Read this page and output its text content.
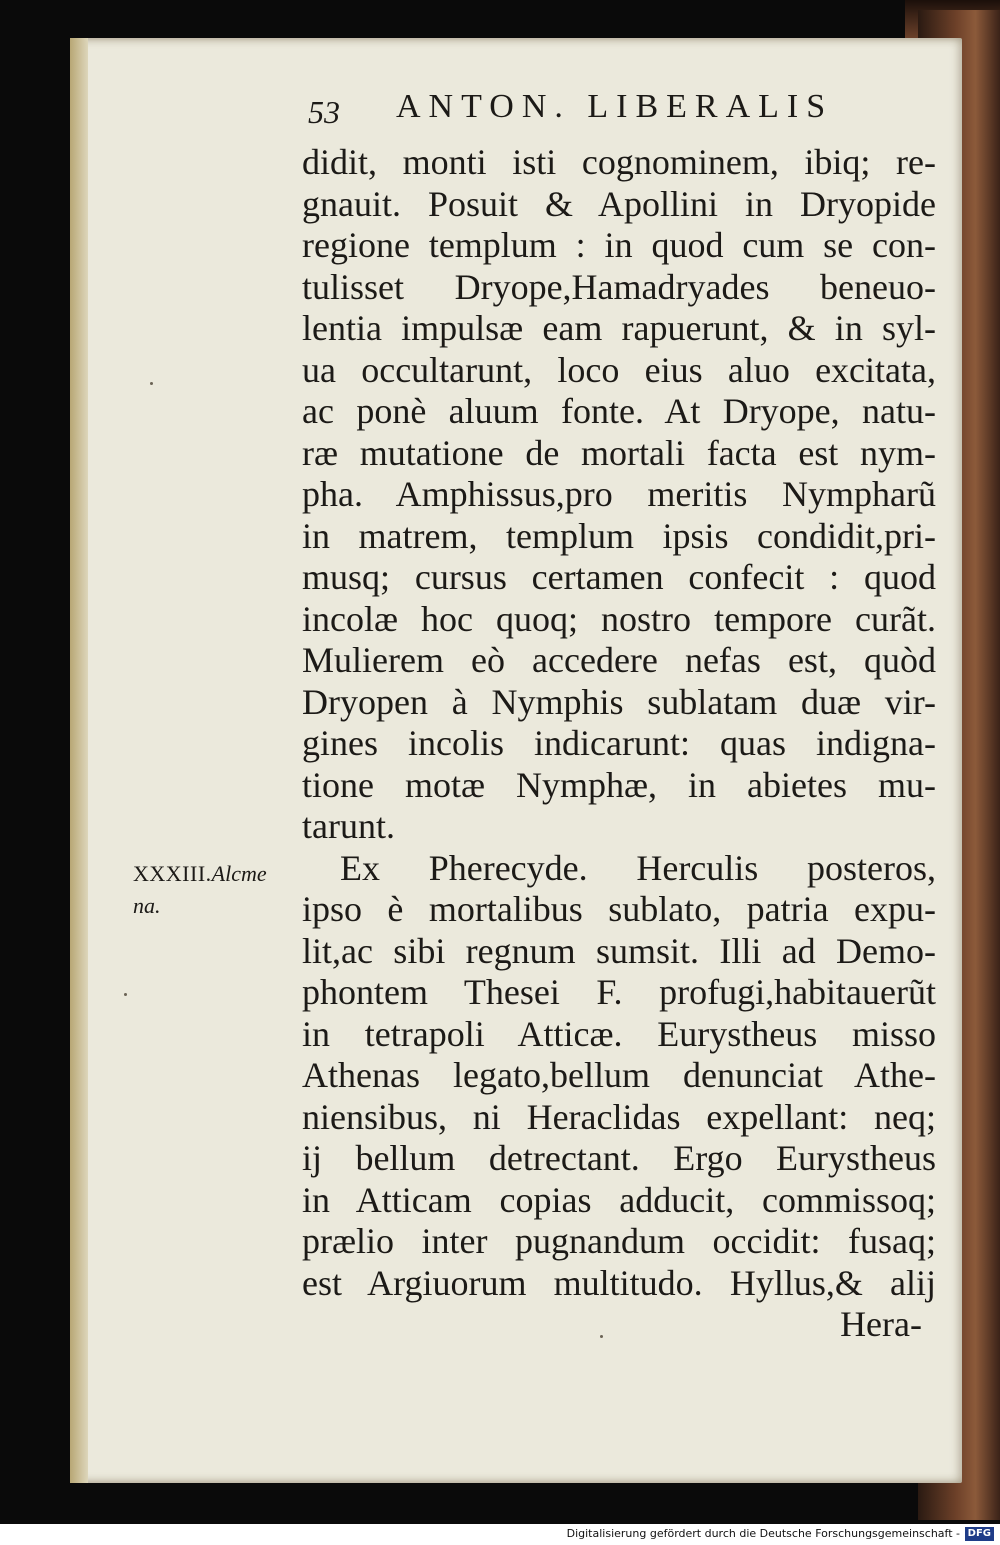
53 ANTON. LIBERALIS
XXXIII.Alcme
na.
didit, monti isti cognominem, ibiq; re-
gnauit. Posuit & Apollini in Dryopide
regione templum : in quod cum se con-
tulisset Dryope,Hamadryades beneuo-
lentia impulsæ eam rapuerunt, & in syl-
ua occultarunt, loco eius aluo excitata,
ac ponè aluum fonte. At Dryope, natu-
ræ mutatione de mortali facta est nym-
pha. Amphissus,pro meritis Nympharũ
in matrem, templum ipsis condidit,pri-
musq; cursus certamen confecit : quod
incolæ hoc quoq; nostro tempore curãt.
Mulierem eò accedere nefas est, quòd
Dryopen à Nymphis sublatam duæ vir-
gines incolis indicarunt: quas indigna-
tione motæ Nymphæ, in abietes mu-
tarunt.
Ex Pherecyde. Herculis posteros,
ipso è mortalibus sublato, patria expu-
lit,ac sibi regnum sumsit. Illi ad Demo-
phontem Thesei F. profugi,habitauerũt
in tetrapoli Atticæ. Eurystheus misso
Athenas legato,bellum denunciat Athe-
niensibus, ni Heraclidas expellant: neq;
ij bellum detrectant. Ergo Eurystheus
in Atticam copias adducit, commissoq;
prælio inter pugnandum occidit: fusaq;
est Argiuorum multitudo. Hyllus,& alij
Hera-
Digitalisierung gefördert durch die Deutsche Forschungsgemeinschaft - DFG
